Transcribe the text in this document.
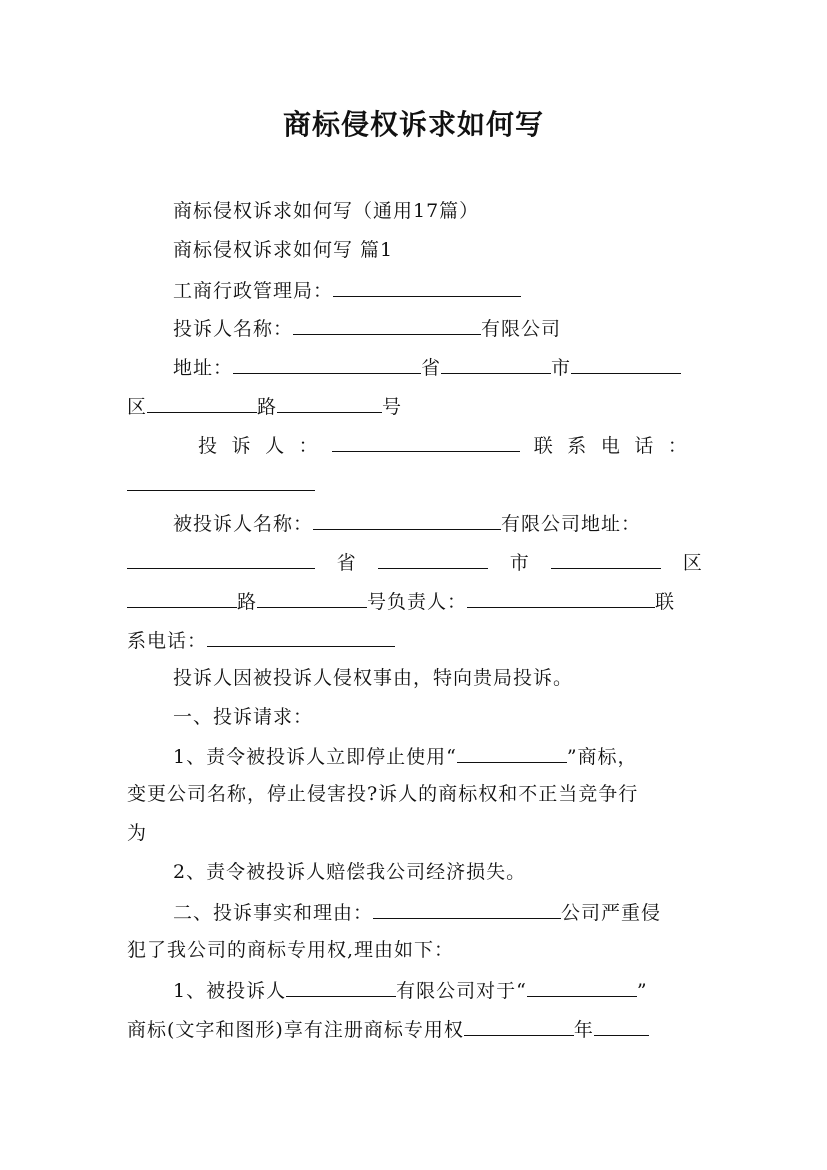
商标侵权诉求如何写
商标侵权诉求如何写（通用17篇）
商标侵权诉求如何写 篇1
工商行政管理局：
投诉人名称：	有限公司
地址：	省	市
区	路	号
投 诉 人 ：	联 系 电 话 ：
被投诉人名称：	有限公司地址：
省	市	区
路	号负责人：	联
系电话：
投诉人因被投诉人侵权事由，特向贵局投诉。
一、投诉请求：
1、责令被投诉人立即停止使用“	”商标，
变更公司名称，停止侵害投?诉人的商标权和不正当竞争行
为
2、责令被投诉人赔偿我公司经济损失。
二、投诉事实和理由：	公司严重侵
犯了我公司的商标专用权,理由如下：
1、被投诉人	有限公司对于“	”
商标(文字和图形)享有注册商标专用权	年
